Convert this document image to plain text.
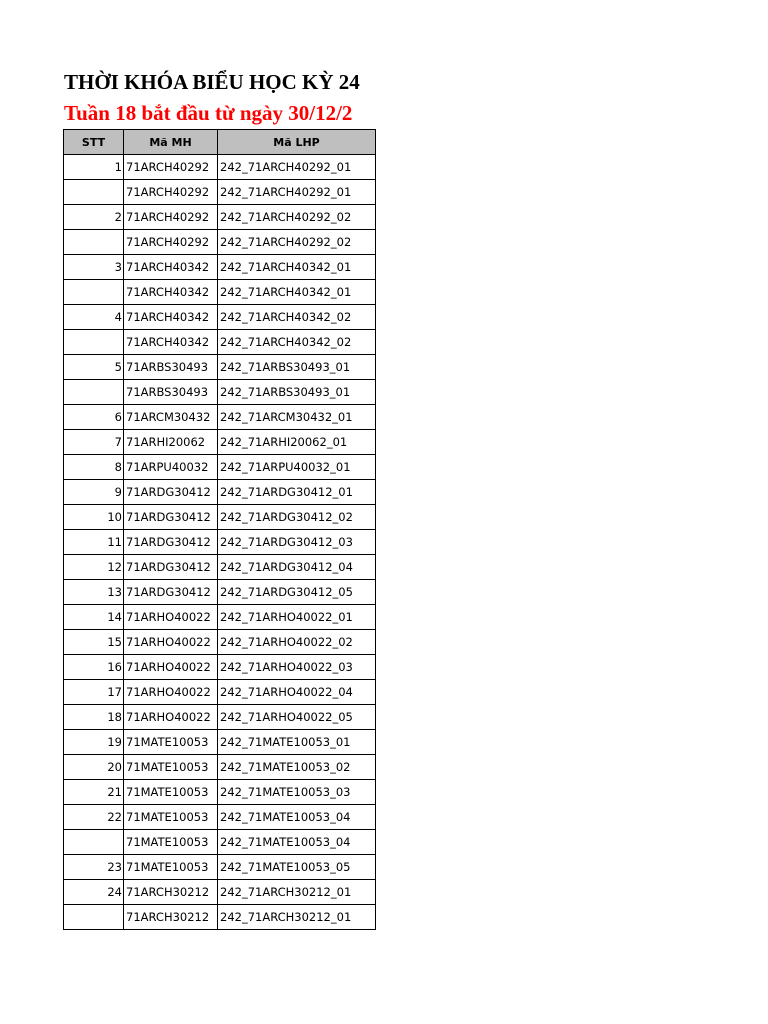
THỜI KHÓA BIỂU HỌC KỲ 24
Tuần 18 bắt đầu từ ngày 30/12/2
STT	Mã MH	Mã LHP
1	71ARCH40292	242_71ARCH40292_01
	71ARCH40292	242_71ARCH40292_01
2	71ARCH40292	242_71ARCH40292_02
	71ARCH40292	242_71ARCH40292_02
3	71ARCH40342	242_71ARCH40342_01
	71ARCH40342	242_71ARCH40342_01
4	71ARCH40342	242_71ARCH40342_02
	71ARCH40342	242_71ARCH40342_02
5	71ARBS30493	242_71ARBS30493_01
	71ARBS30493	242_71ARBS30493_01
6	71ARCM30432	242_71ARCM30432_01
7	71ARHI20062	242_71ARHI20062_01
8	71ARPU40032	242_71ARPU40032_01
9	71ARDG30412	242_71ARDG30412_01
10	71ARDG30412	242_71ARDG30412_02
11	71ARDG30412	242_71ARDG30412_03
12	71ARDG30412	242_71ARDG30412_04
13	71ARDG30412	242_71ARDG30412_05
14	71ARHO40022	242_71ARHO40022_01
15	71ARHO40022	242_71ARHO40022_02
16	71ARHO40022	242_71ARHO40022_03
17	71ARHO40022	242_71ARHO40022_04
18	71ARHO40022	242_71ARHO40022_05
19	71MATE10053	242_71MATE10053_01
20	71MATE10053	242_71MATE10053_02
21	71MATE10053	242_71MATE10053_03
22	71MATE10053	242_71MATE10053_04
	71MATE10053	242_71MATE10053_04
23	71MATE10053	242_71MATE10053_05
24	71ARCH30212	242_71ARCH30212_01
	71ARCH30212	242_71ARCH30212_01
